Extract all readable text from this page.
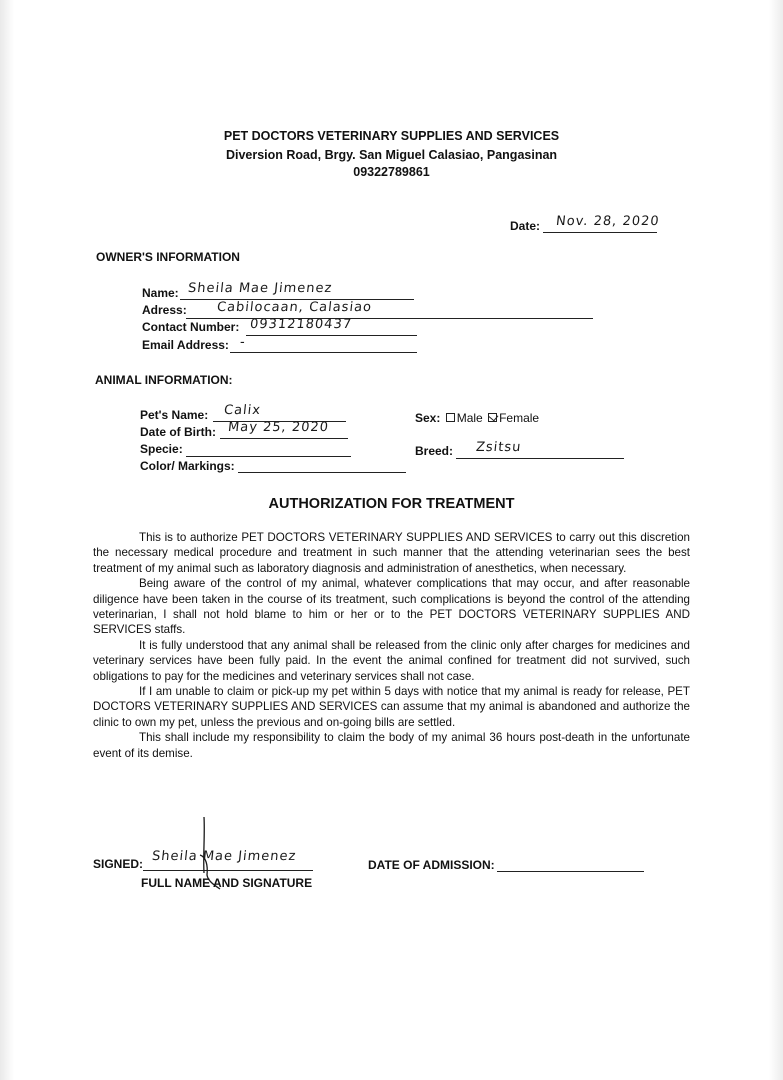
PET DOCTORS VETERINARY SUPPLIES AND SERVICES
Diversion Road, Brgy. San Miguel Calasiao, Pangasinan
09322789861
Date: Nov. 28, 2020
OWNER'S INFORMATION
Name: Sheila Mae Jimenez
Adress: Cabilocaan, Calasiao
Contact Number: 09312180437
Email Address: -
ANIMAL INFORMATION:
Pet's Name: Calix
Date of Birth: May 25, 2020
Specie:
Color/ Markings:
Sex: Male Female
Breed: Zsitsu
AUTHORIZATION FOR TREATMENT

This is to authorize PET DOCTORS VETERINARY SUPPLIES AND SERVICES to carry out this discretion the necessary medical procedure and treatment in such manner that the attending veterinarian sees the best treatment of my animal such as laboratory diagnosis and administration of anesthetics, when necessary.

Being aware of the control of my animal, whatever complications that may occur, and after reasonable diligence have been taken in the course of its treatment, such complications is beyond the control of the attending veterinarian, I shall not hold blame to him or her or to the PET DOCTORS VETERINARY SUPPLIES AND SERVICES staffs.

It is fully understood that any animal shall be released from the clinic only after charges for medicines and veterinary services have been fully paid. In the event the animal confined for treatment did not survived, such obligations to pay for the medicines and veterinary services shall not case.

If I am unable to claim or pick-up my pet within 5 days with notice that my animal is ready for release, PET DOCTORS VETERINARY SUPPLIES AND SERVICES can assume that my animal is abandoned and authorize the clinic to own my pet, unless the previous and on-going bills are settled.

This shall include my responsibility to claim the body of my animal 36 hours post-death in the unfortunate event of its demise.

SIGNED: Sheila Mae Jimenez
FULL NAME AND SIGNATURE
DATE OF ADMISSION:
